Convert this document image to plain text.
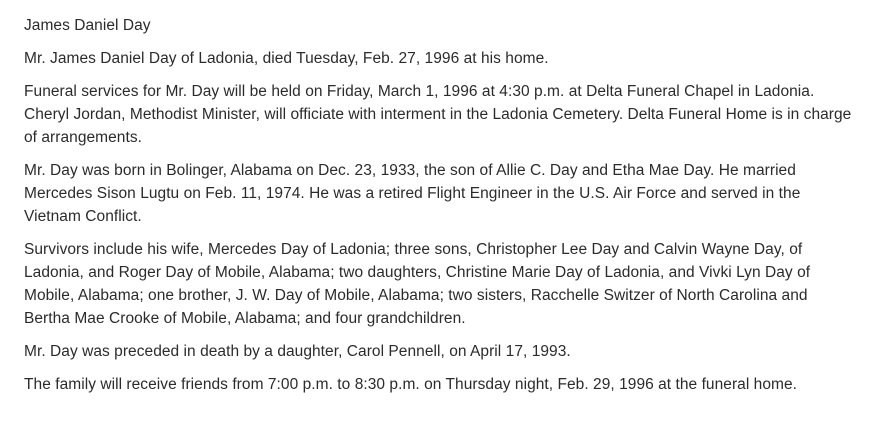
James Daniel Day

Mr. James Daniel Day of Ladonia, died Tuesday, Feb. 27, 1996 at his home.

Funeral services for Mr. Day will be held on Friday, March 1, 1996 at 4:30 p.m. at Delta Funeral Chapel in Ladonia. Cheryl Jordan, Methodist Minister, will officiate with interment in the Ladonia Cemetery. Delta Funeral Home is in charge of arrangements.

Mr. Day was born in Bolinger, Alabama on Dec. 23, 1933, the son of Allie C. Day and Etha Mae Day. He married Mercedes Sison Lugtu on Feb. 11, 1974. He was a retired Flight Engineer in the U.S. Air Force and served in the Vietnam Conflict.

Survivors include his wife, Mercedes Day of Ladonia; three sons, Christopher Lee Day and Calvin Wayne Day, of Ladonia, and Roger Day of Mobile, Alabama; two daughters, Christine Marie Day of Ladonia, and Vivki Lyn Day of Mobile, Alabama; one brother, J. W. Day of Mobile, Alabama; two sisters, Racchelle Switzer of North Carolina and Bertha Mae Crooke of Mobile, Alabama; and four grandchildren.

Mr. Day was preceded in death by a daughter, Carol Pennell, on April 17, 1993.

The family will receive friends from 7:00 p.m. to 8:30 p.m. on Thursday night, Feb. 29, 1996 at the funeral home.
